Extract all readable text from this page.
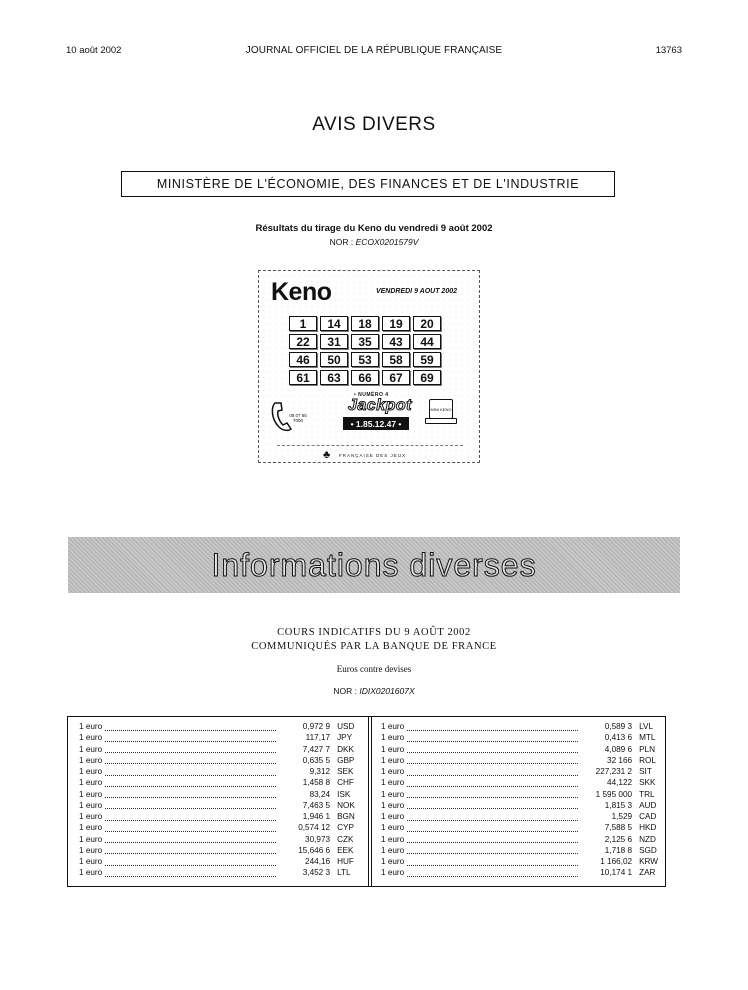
10 août 2002	JOURNAL OFFICIEL DE LA RÉPUBLIQUE FRANÇAISE	13763
AVIS DIVERS
MINISTÈRE DE L'ÉCONOMIE, DES FINANCES ET DE L'INDUSTRIE
Résultats du tirage du Keno du vendredi 9 août 2002
NOR : ECOX0201579V
Keno	VENDREDI 9 AOUT 2002
1	14	18	19	20
22	31	35	43	44
46	50	53	58	59
61	63	66	67	69
08 07 65 7000
• NUMÉRO 4
Jackpot
• 1.85.12.47 •
MINI KENO
♣	FRANÇAISE DES JEUX
Informations diverses
COURS INDICATIFS DU 9 AOÛT 2002
COMMUNIQUÉS PAR LA BANQUE DE FRANCE
Euros contre devises
NOR : IDIX0201607X
1 euro	0,972 9 USD
1 euro	117,17 JPY
1 euro	7,427 7 DKK
1 euro	0,635 5 GBP
1 euro	9,312 SEK
1 euro	1,458 8 CHF
1 euro	83,24 ISK
1 euro	7,463 5 NOK
1 euro	1,946 1 BGN
1 euro	0,574 12 CYP
1 euro	30,973 CZK
1 euro	15,646 6 EEK
1 euro	244,16 HUF
1 euro	3,452 3 LTL
1 euro	0,589 3 LVL
1 euro	0,413 6 MTL
1 euro	4,089 6 PLN
1 euro	32 166 ROL
1 euro	227,231 2 SIT
1 euro	44,122 SKK
1 euro	1 595 000 TRL
1 euro	1,815 3 AUD
1 euro	1,529 CAD
1 euro	7,588 5 HKD
1 euro	2,125 6 NZD
1 euro	1,718 8 SGD
1 euro	1 166,02 KRW
1 euro	10,174 1 ZAR
